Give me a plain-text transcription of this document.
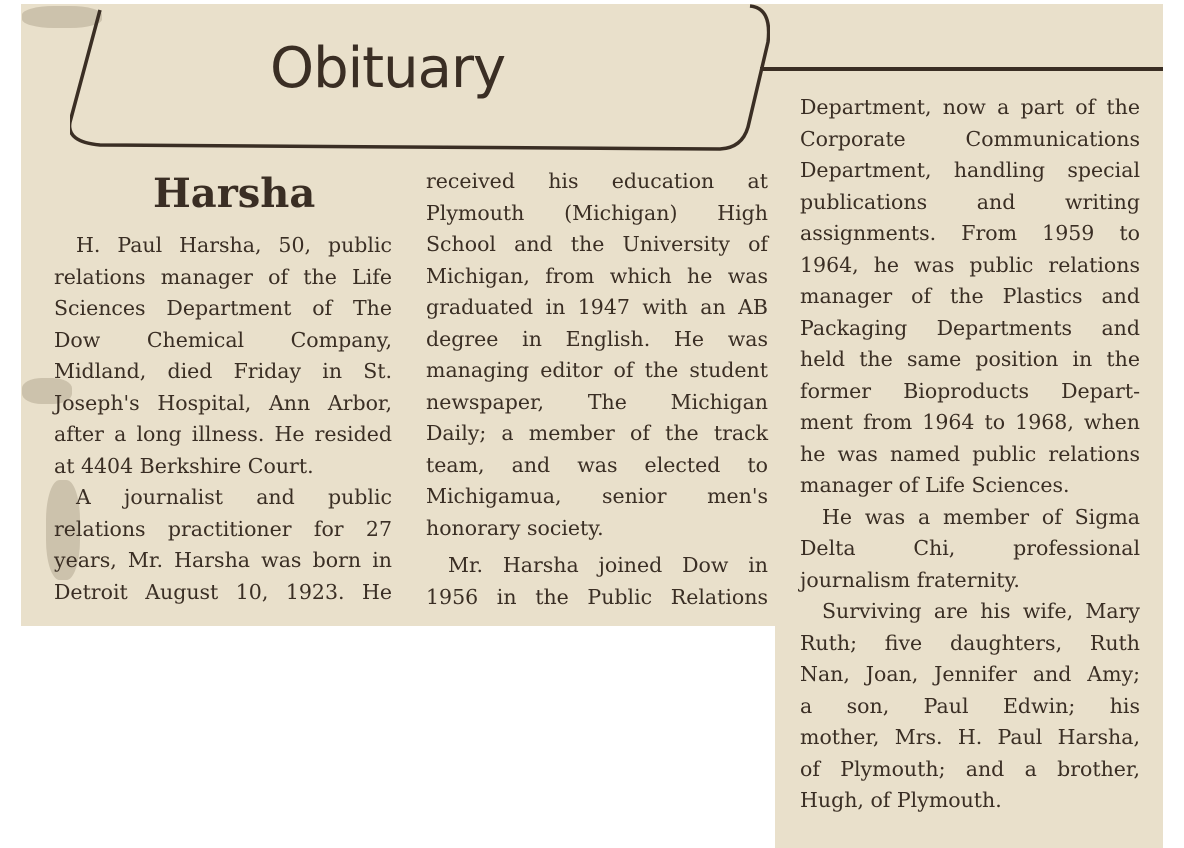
Obituary
Harsha
H. Paul Harsha, 50, public
relations manager of the Life
Sciences Department of The
Dow Chemical Company,
Midland, died Friday in St.
Joseph's Hospital, Ann Arbor,
after a long illness. He resided
at 4404 Berkshire Court.
A journalist and public
relations practitioner for 27
years, Mr. Harsha was born in
Detroit August 10, 1923. He
received his education at
Plymouth (Michigan) High
School and the University of
Michigan, from which he was
graduated in 1947 with an AB
degree in English. He was
managing editor of the student
newspaper, The Michigan
Daily; a member of the track
team, and was elected to
Michigamua, senior men's
honorary society.
Mr. Harsha joined Dow in
1956 in the Public Relations
Department, now a part of the
Corporate Communications
Department, handling special
publications and writing
assignments. From 1959 to
1964, he was public relations
manager of the Plastics and
Packaging Departments and
held the same position in the
former Bioproducts Depart-
ment from 1964 to 1968, when
he was named public relations
manager of Life Sciences.
He was a member of Sigma
Delta Chi, professional
journalism fraternity.
Surviving are his wife, Mary
Ruth; five daughters, Ruth
Nan, Joan, Jennifer and Amy;
a son, Paul Edwin; his
mother, Mrs. H. Paul Harsha,
of Plymouth; and a brother,
Hugh, of Plymouth.
